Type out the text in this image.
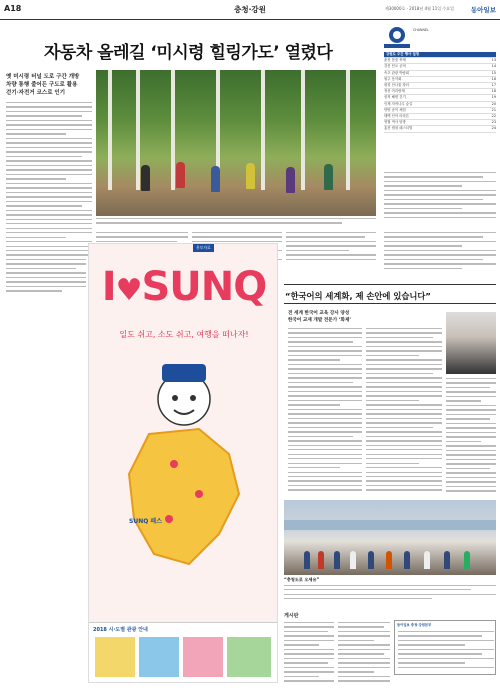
A18	충청·강원	제30000호 · 2018년 4월 11일 수요일	동아일보
자동차 올레길 ‘미시령 힐링가도’ 열렸다
옛 미시령 터널 도로 구간 개방
차량 통행 줄어든 구도로 활용
걷기·자전거 코스로 인기
CHANNEL
강원도 주간 행사 일정
춘천 봄꽃 축제	13
강릉 단오 준비	14
속초 관광 박람회	15
원주 음악회	16
평창 산나물 장터	17
정선 아리랑제	18
삼척 해변 걷기	19
인제 자작나무 숲길	20
양양 송이 체험	21
태백 산악 마라톤	22
영월 역사 탐방	23
홍천 캠핑 페스티벌	24
홍보자료
I♥SUNQ
일도 쉬고, 소도 쉬고, 여행을 떠나자!
SUNQ 패스
2018 시·도별 관광 안내
“한국어의 세계화, 제 손안에 있습니다”
전 세계 한국어 교육 강사 양성
한국어 교재 개발 전문가 ‘화제’
“충청도로 오세유”
게시판
동아일보 충청·강원본부
